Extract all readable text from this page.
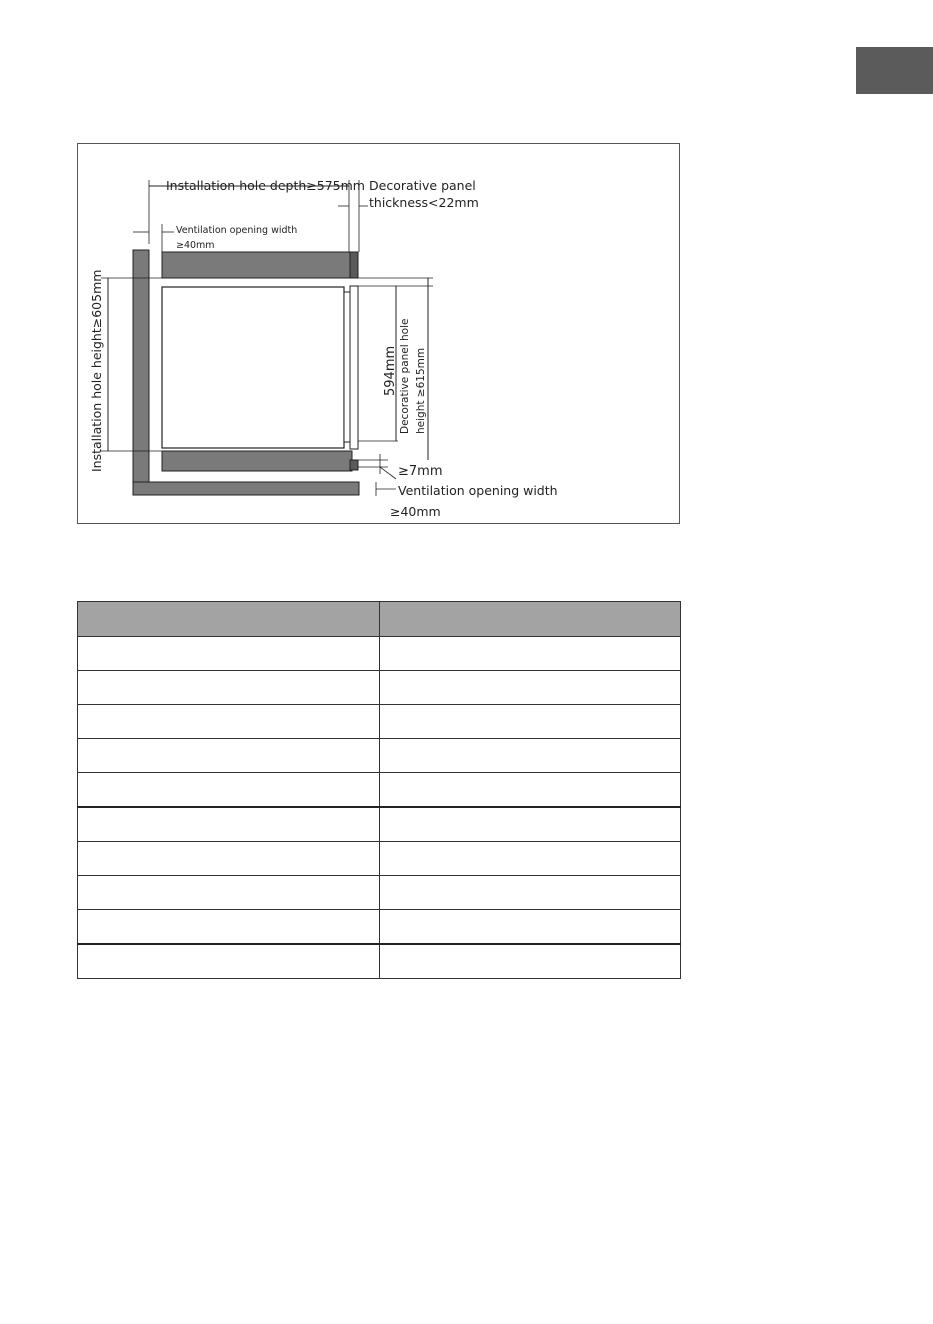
Installation hole depth≥575mm Decorative panel
thickness<22mm
Ventilation opening width
≥40mm
Installation hole height≥605mm	594mm Decorative panel hole height ≥615mm
≥7mm
Ventilation opening width
≥40mm
